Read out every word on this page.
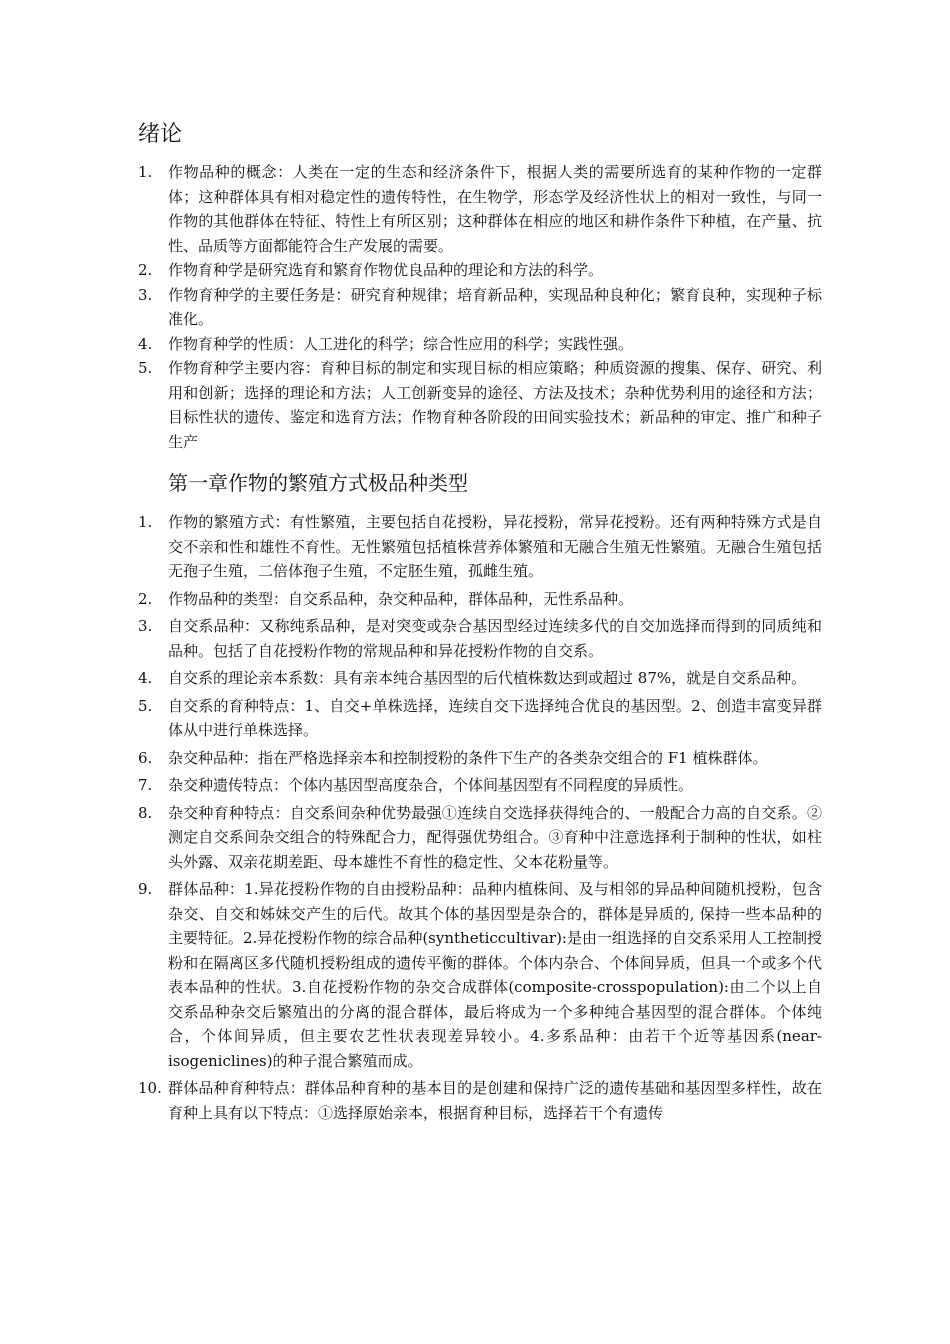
绪论
1.	作物品种的概念：人类在一定的生态和经济条件下，根据人类的需要所选育的某种作物的一定群体；这种群体具有相对稳定性的遗传特性，在生物学，形态学及经济性状上的相对一致性，与同一作物的其他群体在特征、特性上有所区别；这种群体在相应的地区和耕作条件下种植，在产量、抗性、品质等方面都能符合生产发展的需要。
2.	作物育种学是研究选育和繁育作物优良品种的理论和方法的科学。
3.	作物育种学的主要任务是：研究育种规律；培育新品种，实现品种良种化；繁育良种，实现种子标准化。
4.	作物育种学的性质：人工进化的科学；综合性应用的科学；实践性强。
5.	作物育种学主要内容：育种目标的制定和实现目标的相应策略；种质资源的搜集、保存、研究、利用和创新；选择的理论和方法；人工创新变异的途径、方法及技术；杂种优势利用的途径和方法；目标性状的遗传、鉴定和选育方法；作物育种各阶段的田间实验技术；新品种的审定、推广和种子生产
第一章作物的繁殖方式极品种类型
1.	作物的繁殖方式：有性繁殖，主要包括自花授粉，异花授粉，常异花授粉。还有两种特殊方式是自交不亲和性和雄性不育性。无性繁殖包括植株营养体繁殖和无融合生殖无性繁殖。无融合生殖包括无孢子生殖，二倍体孢子生殖，不定胚生殖，孤雌生殖。
2.	作物品种的类型：自交系品种，杂交种品种，群体品种，无性系品种。
3.	自交系品种：又称纯系品种，是对突变或杂合基因型经过连续多代的自交加选择而得到的同质纯和品种。包括了自花授粉作物的常规品种和异花授粉作物的自交系。
4.	自交系的理论亲本系数：具有亲本纯合基因型的后代植株数达到或超过 87%，就是自交系品种。
5.	自交系的育种特点：1、自交+单株选择，连续自交下选择纯合优良的基因型。2、创造丰富变异群体从中进行单株选择。
6.	杂交种品种：指在严格选择亲本和控制授粉的条件下生产的各类杂交组合的 F1 植株群体。
7.	杂交种遗传特点：个体内基因型高度杂合，个体间基因型有不同程度的异质性。
8.	杂交种育种特点：自交系间杂种优势最强①连续自交选择获得纯合的、一般配合力高的自交系。②测定自交系间杂交组合的特殊配合力，配得强优势组合。③育种中注意选择利于制种的性状，如柱头外露、双亲花期差距、母本雄性不育性的稳定性、父本花粉量等。
9.	群体品种：1.异花授粉作物的自由授粉品种：品种内植株间、及与相邻的异品种间随机授粉，包含杂交、自交和姊妹交产生的后代。故其个体的基因型是杂合的，群体是异质的, 保持一些本品种的主要特征。2.异花授粉作物的综合品种(syntheticcultivar):是由一组选择的自交系采用人工控制授粉和在隔离区多代随机授粉组成的遗传平衡的群体。个体内杂合、个体间异质，但具一个或多个代表本品种的性状。3.自花授粉作物的杂交合成群体(composite-crosspopulation):由二个以上自交系品种杂交后繁殖出的分离的混合群体，最后将成为一个多种纯合基因型的混合群体。个体纯合，个体间异质，但主要农艺性状表现差异较小。4.多系品种：由若干个近等基因系(near-isogeniclines)的种子混合繁殖而成。
10. 群体品种育种特点：群体品种育种的基本目的是创建和保持广泛的遗传基础和基因型多样性，故在育种上具有以下特点：①选择原始亲本，根据育种目标，选择若干个有遗传
